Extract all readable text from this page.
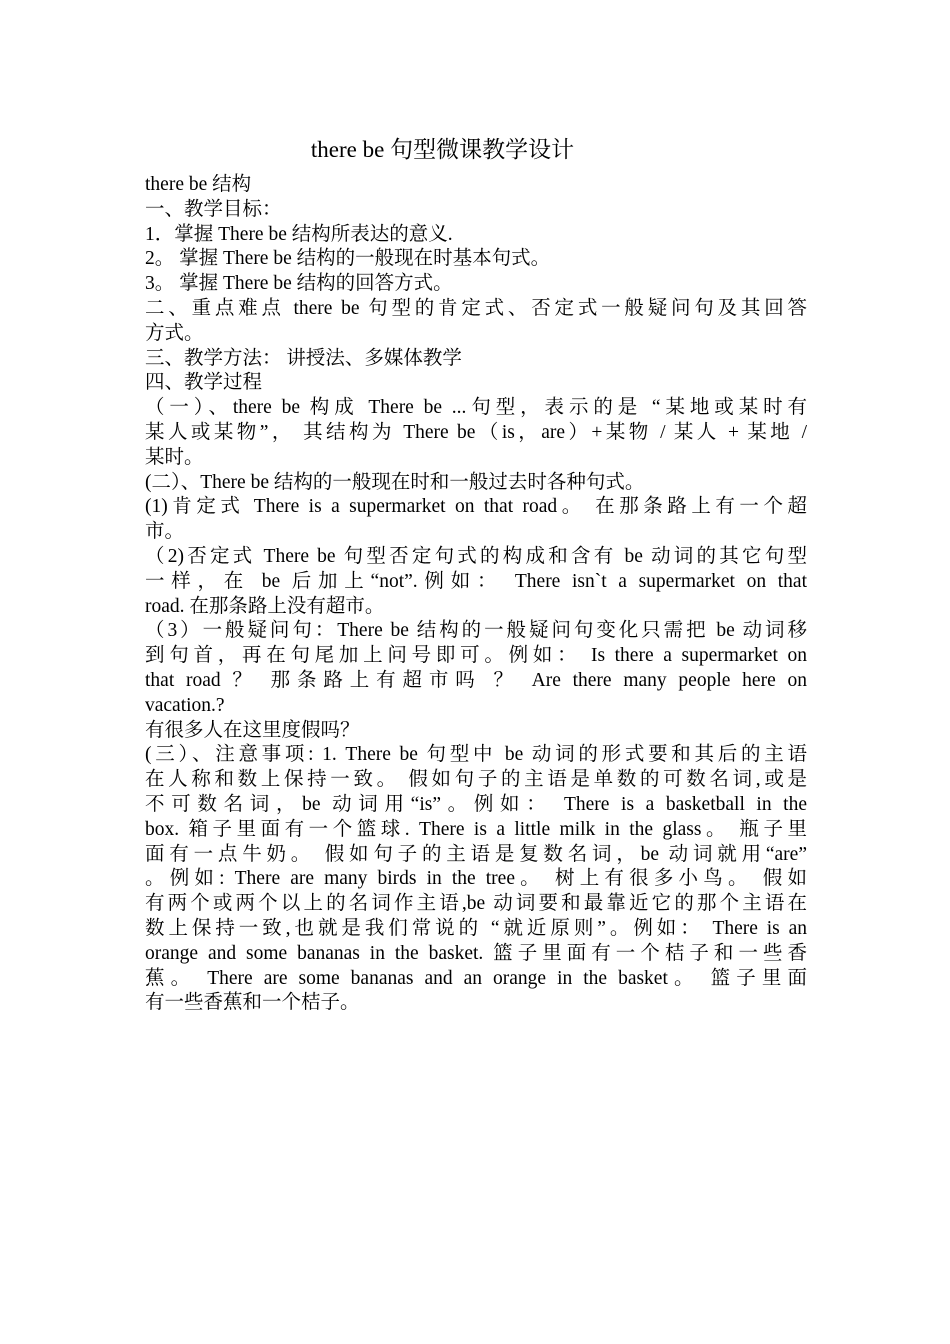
there be 句型微课教学设计
there be 结构
一、教学目标：
1．掌握 There be 结构所表达的意义.
2。 掌握 There be 结构的一般现在时基本句式。
3。 掌握 There be 结构的回答方式。
二、重点难点 there be 句型的肯定式、否定式一般疑问句及其回答
方式。
三、教学方法： 讲授法、多媒体教学
四、教学过程
（一）、there be 构成 There be ...句型，表示的是 “某地或某时有
某人或某物”， 其结构为 There be（is，are）+某物 / 某人 + 某地 /
某时。
(二）、There be 结构的一般现在时和一般过去时各种句式。
(1)肯定式 There is a supermarket on that road。 在那条路上有一个超
市。
（2)否定式 There be 句型否定句式的构成和含有 be 动词的其它句型
一样，在 be 后加上“not”.例如： There isn`t a supermarket on that
road. 在那条路上没有超市。
（3）一般疑问句：There be 结构的一般疑问句变化只需把 be 动词移
到句首，再在句尾加上问号即可。例如： Is there a supermarket on
that road ？ 那条路上有超市吗 ？ Are there many people here on
vacation.?
有很多人在这里度假吗？
(三）、注意事项: 1. There be 句型中 be 动词的形式要和其后的主语
在人称和数上保持一致。 假如句子的主语是单数的可数名词,或是
不可数名词，be 动词用“is”。例如： There is a basketball in the
box. 箱子里面有一个篮球. There is a little milk in the glass。 瓶子里
面有一点牛奶。 假如句子的主语是复数名词，be 动词就用“are”
。例如: There are many birds in the tree。 树上有很多小鸟。 假如
有两个或两个以上的名词作主语,be 动词要和最靠近它的那个主语在
数上保持一致,也就是我们常说的 “就近原则”。例如： There is an
orange and some bananas in the basket. 篮子里面有一个桔子和一些香
蕉。 There are some bananas and an orange in the basket。 篮子里面
有一些香蕉和一个桔子。
